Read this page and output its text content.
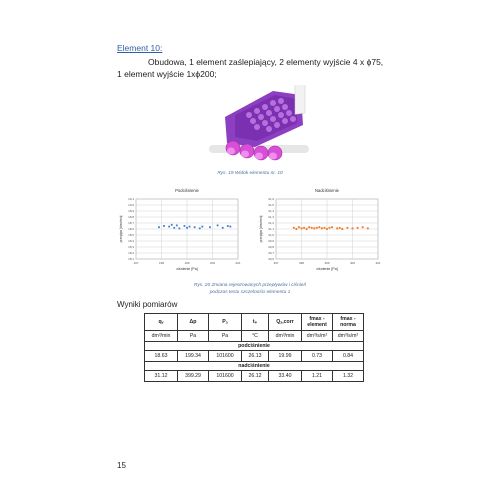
Element 10:
Obudowa, 1 element zaślepiający, 2 elementy wyjście 4 x ϕ75,
1 element wyjście 1xϕ200;
Rys. 19 Widok elementu nr. 10
Podciśnienie
18,1
18,2
18,3
18,4
18,5
18,6
18,7
18,8
18,9
19,0
19,1
197	198	199	200	201
ciśnienie [Pa]
przepływ [dm³/min]
Nadciśnienie
30,6
30,7
30,8
30,9
31,0
31,1
31,2
31,3
31,4
31,5
31,6
397	398	399	400	401
ciśnienie [Pa]
przepływ [dm³/min]
Rys. 20 Zmiana rejestrowanych przepływów i ciśnień
podczas testu szczelności elementu 1
Wyniki pomiarów
qᵥ	Δp	Pₐ	tₚ	Qₐ,corr	fmax - element	fmax - norma
dm³/min	Pa	Pa	°C	dm³/min	dm³/s/m²	dm³/s/m²
podciśnienie						
18.63	199.34	101600	26.13	19.99	0.73	0.84
nadciśnienie						
31.12	399.29	101600	26.12	33.40	1.21	1.32
15
